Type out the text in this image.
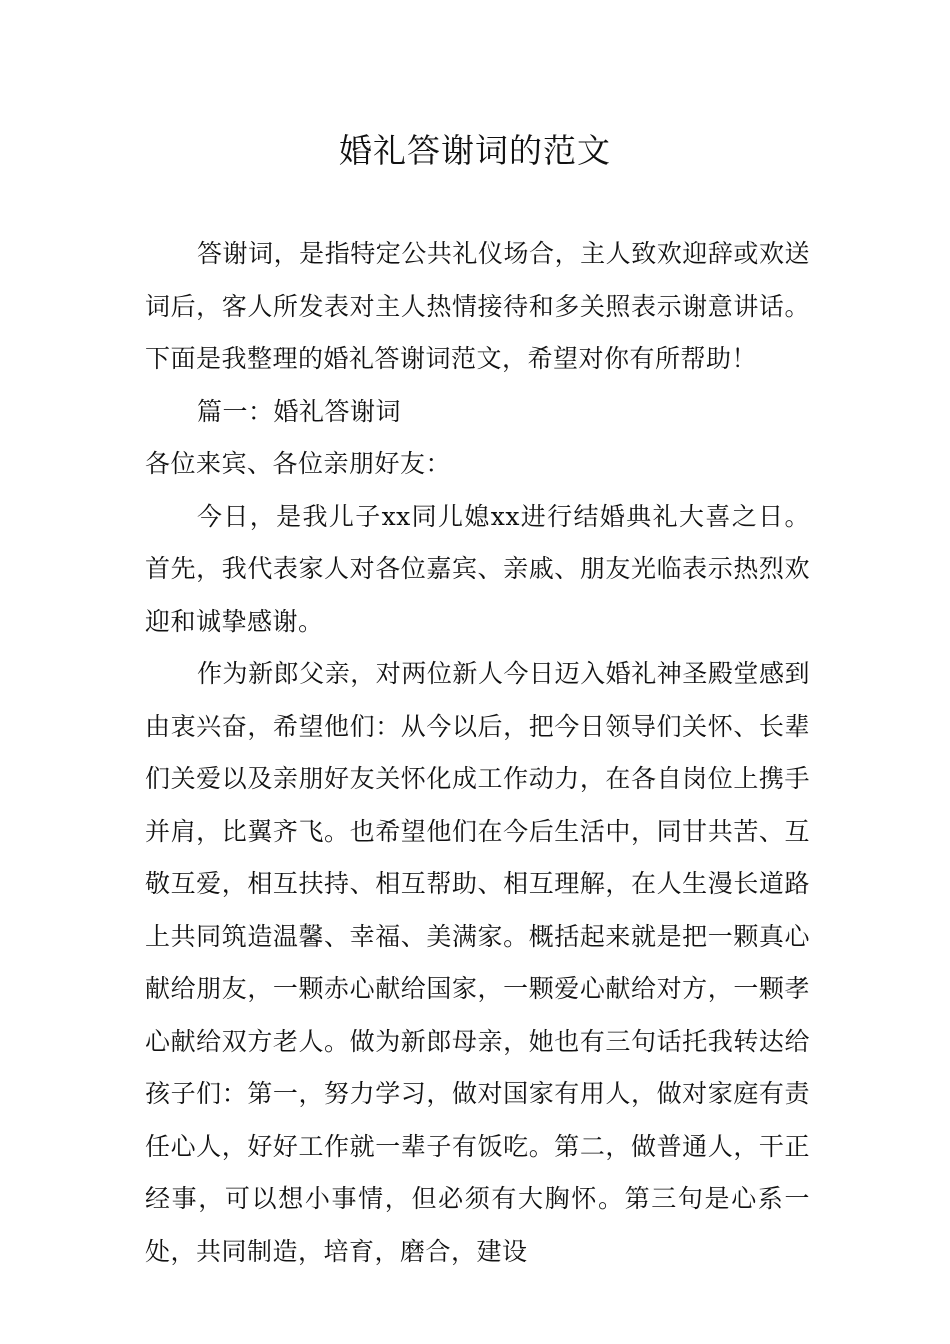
婚礼答谢词的范文

答谢词，是指特定公共礼仪场合，主人致欢迎辞或欢送词后，客人所发表对主人热情接待和多关照表示谢意讲话。下面是我整理的婚礼答谢词范文，希望对你有所帮助！

篇一：婚礼答谢词

各位来宾、各位亲朋好友：

今日，是我儿子xx同儿媳xx进行结婚典礼大喜之日。首先，我代表家人对各位嘉宾、亲戚、朋友光临表示热烈欢迎和诚挚感谢。

作为新郎父亲，对两位新人今日迈入婚礼神圣殿堂感到由衷兴奋，希望他们：从今以后，把今日领导们关怀、长辈们关爱以及亲朋好友关怀化成工作动力，在各自岗位上携手并肩，比翼齐飞。也希望他们在今后生活中，同甘共苦、互敬互爱，相互扶持、相互帮助、相互理解，在人生漫长道路上共同筑造温馨、幸福、美满家。概括起来就是把一颗真心献给朋友，一颗赤心献给国家，一颗爱心献给对方，一颗孝心献给双方老人。做为新郎母亲，她也有三句话托我转达给孩子们：第一，努力学习，做对国家有用人，做对家庭有责任心人，好好工作就一辈子有饭吃。第二，做普通人，干正经事，可以想小事情，但必须有大胸怀。第三句是心系一处，共同制造，培育，磨合，建设
